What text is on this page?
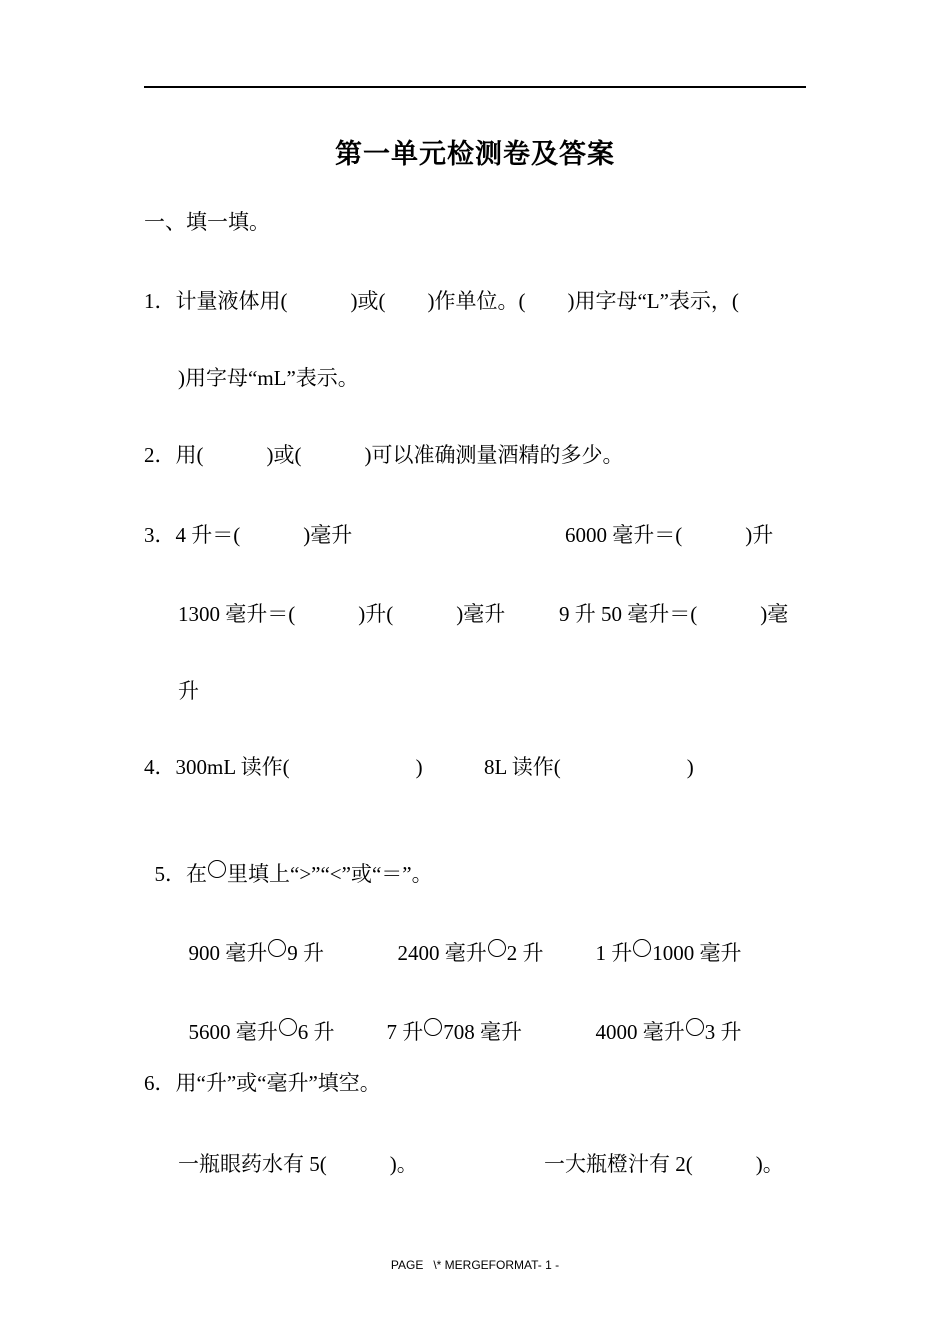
第一单元检测卷及答案
一、填一填。
1．计量液体用(            )或(        )作单位。(        )用字母“L”表示，(
)用字母“mL”表示。
2．用(            )或(            )可以准确测量酒精的多少。
3．4 升＝(            )毫升	6000 毫升＝(            )升
1300 毫升＝(            )升(            )毫升	9 升 50 毫升＝(            )毫
升
4．300mL 读作(                        )	8L 读作(                        )

5．在 里填上“>”“<”或“＝”。

900 毫升 9 升	2400 毫升 2 升	1 升 1000 毫升

5600 毫升 6 升	7 升 708 毫升	4000 毫升 3 升

6．用“升”或“毫升”填空。
一瓶眼药水有 5(            )。	一大瓶橙汁有 2(            )。
PAGE   \* MERGEFORMAT- 1 -
